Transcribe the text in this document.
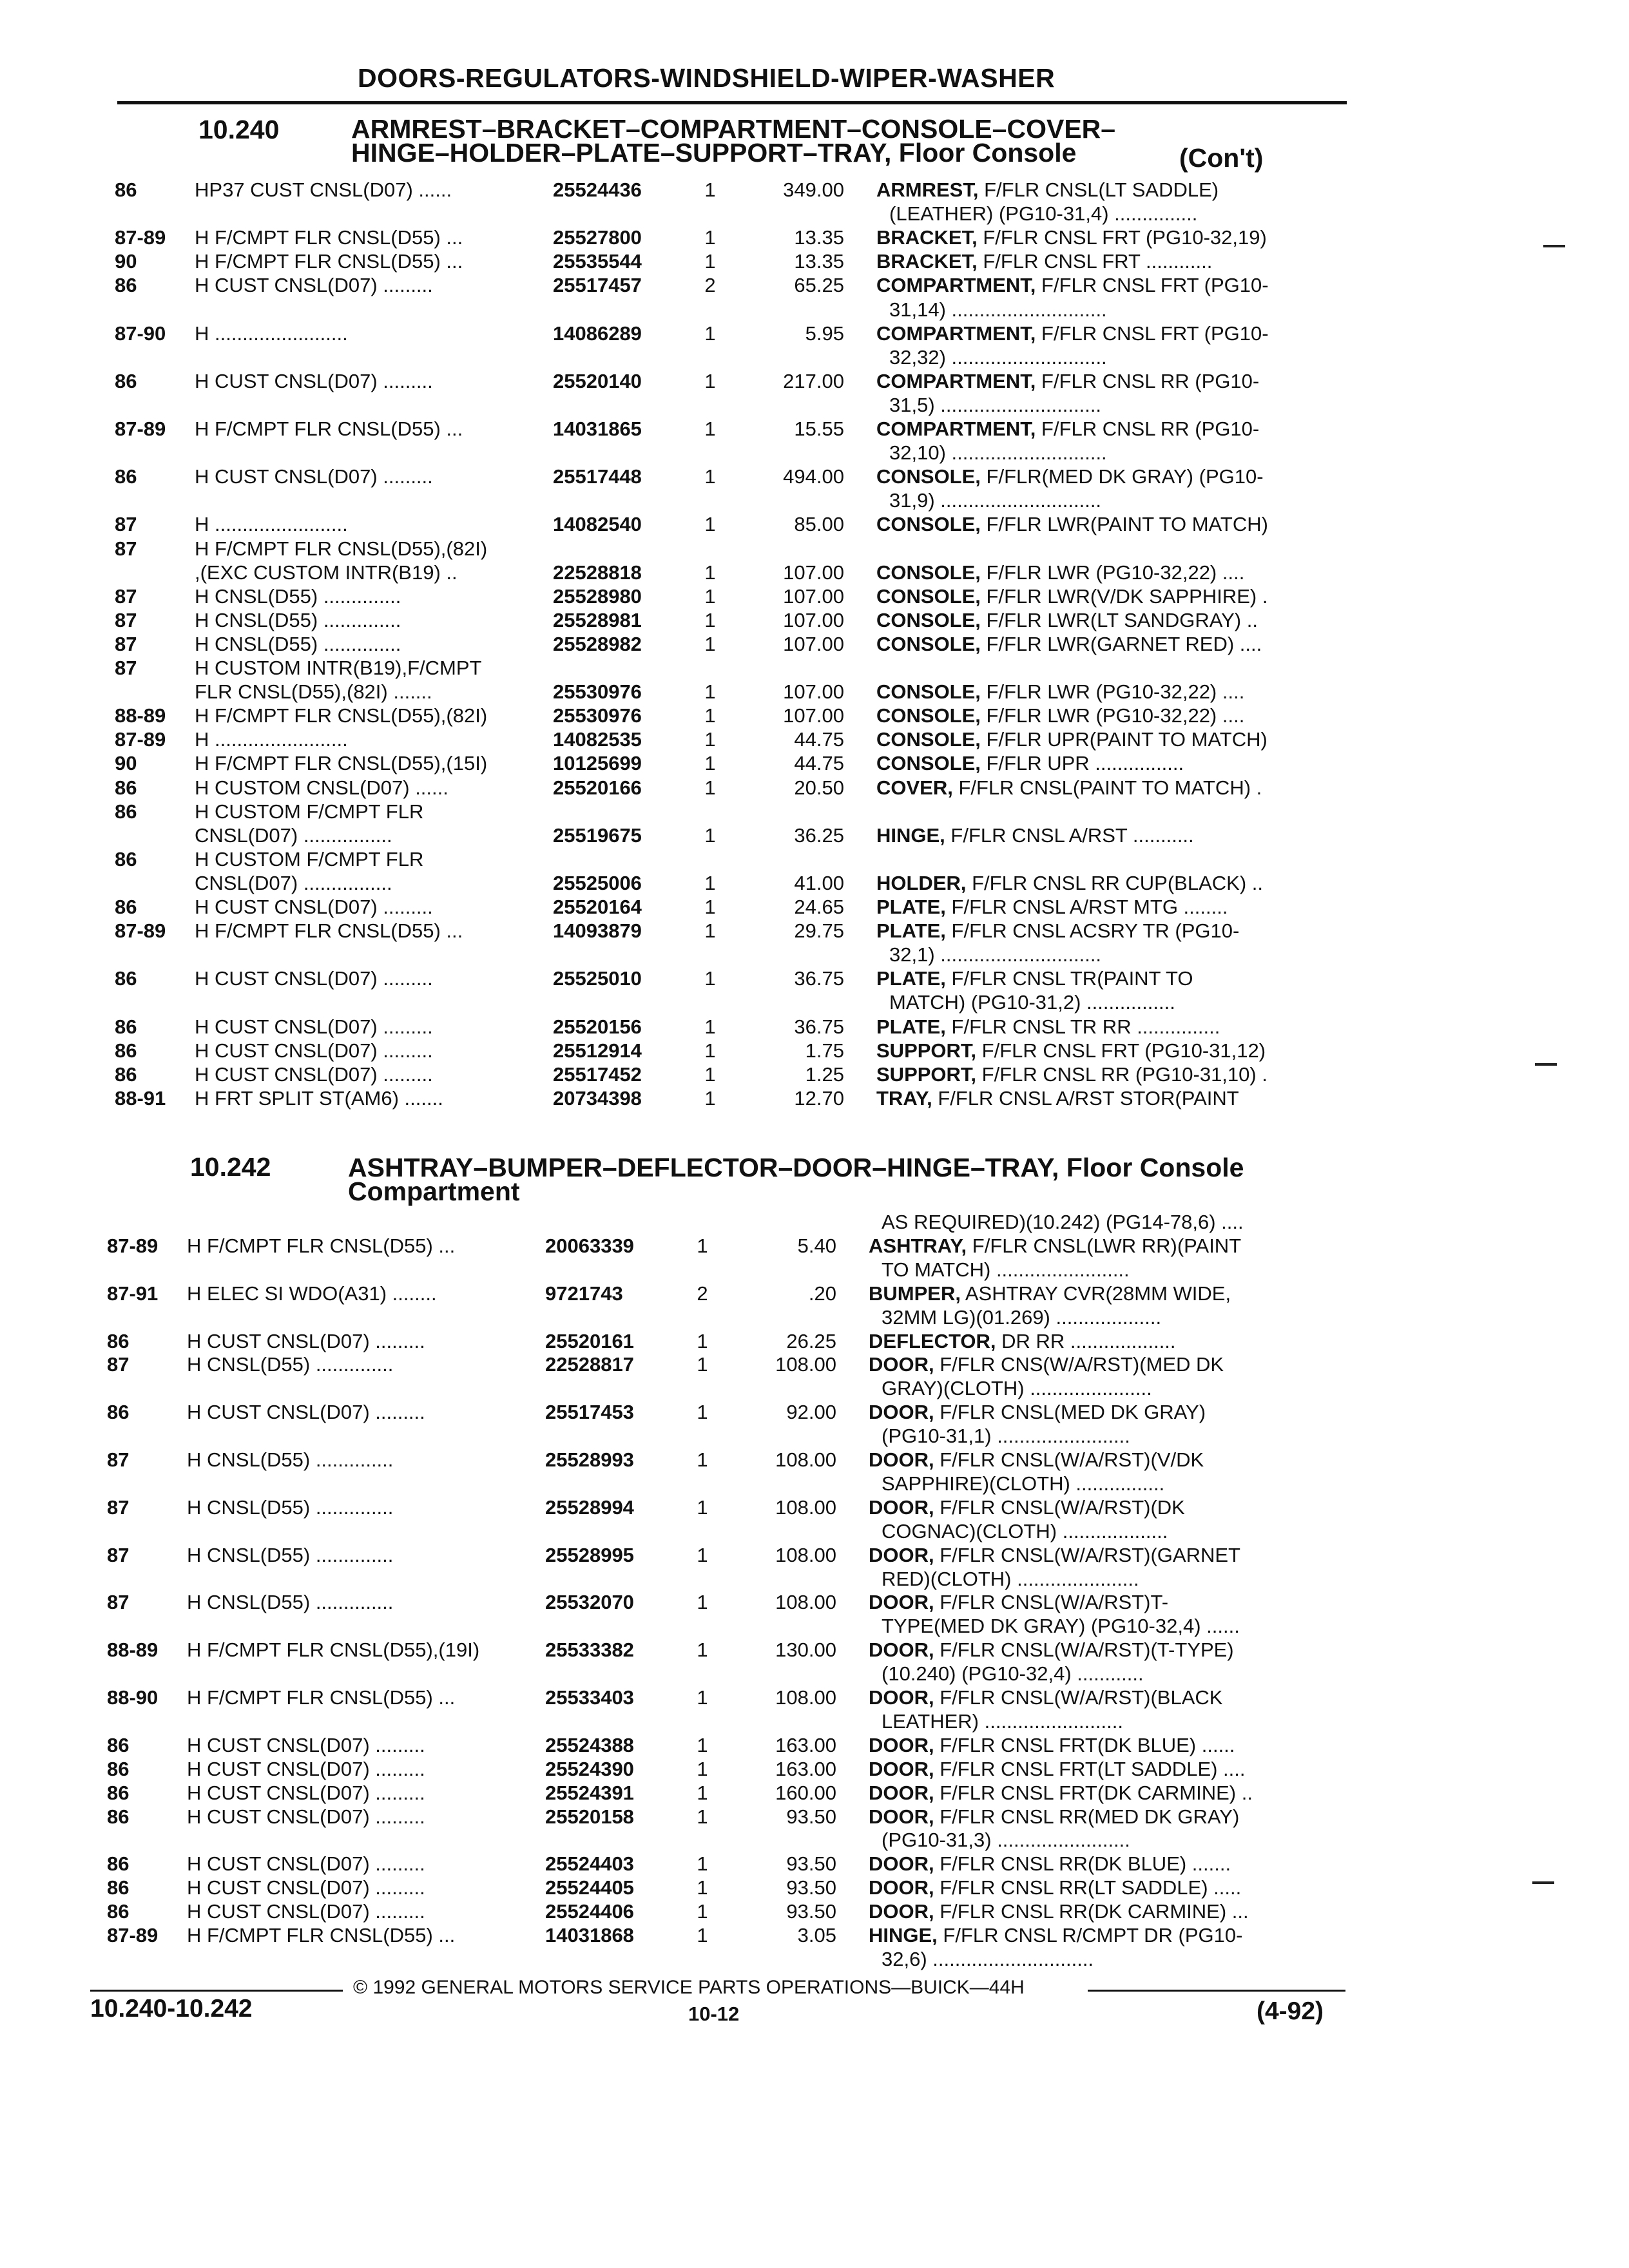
DOORS-REGULATORS-WINDSHIELD-WIPER-WASHER
10.240	ARMREST–BRACKET–COMPARTMENT–CONSOLE–COVER–
HINGE–HOLDER–PLATE–SUPPORT–TRAY, Floor Console	(Con't)
10.242	ASHTRAY–BUMPER–DEFLECTOR–DOOR–HINGE–TRAY, Floor Console
Compartment
86	HP37 CUST CNSL(D07) ......	25524436	1	349.00 ARMREST, F/FLR CNSL(LT SADDLE)
(LEATHER) (PG10-31,4) ...............
87-89 H F/CMPT FLR CNSL(D55) ...	25527800	1	13.35 BRACKET, F/FLR CNSL FRT (PG10-32,19)
90	H F/CMPT FLR CNSL(D55) ...	25535544	1	13.35 BRACKET, F/FLR CNSL FRT ............
86	H CUST CNSL(D07) .........	25517457	2	65.25 COMPARTMENT, F/FLR CNSL FRT (PG10-
31,14) ............................
87-90 H ........................	14086289	1	5.95 COMPARTMENT, F/FLR CNSL FRT (PG10-
32,32) ............................
86	H CUST CNSL(D07) .........	25520140	1	217.00 COMPARTMENT, F/FLR CNSL RR (PG10-
31,5) .............................
87-89 H F/CMPT FLR CNSL(D55) ...	14031865	1	15.55 COMPARTMENT, F/FLR CNSL RR (PG10-
32,10) ............................
86	H CUST CNSL(D07) .........	25517448	1	494.00 CONSOLE, F/FLR(MED DK GRAY) (PG10-
31,9) .............................
87	H ........................	14082540	1	85.00 CONSOLE, F/FLR LWR(PAINT TO MATCH)
87	H F/CMPT FLR CNSL(D55),(82I)
,(EXC CUSTOM INTR(B19) ..	22528818	1	107.00 CONSOLE, F/FLR LWR (PG10-32,22) ....
87	H CNSL(D55) ..............	25528980	1	107.00 CONSOLE, F/FLR LWR(V/DK SAPPHIRE) .
87	H CNSL(D55) ..............	25528981	1	107.00 CONSOLE, F/FLR LWR(LT SANDGRAY) ..
87	H CNSL(D55) ..............	25528982	1	107.00 CONSOLE, F/FLR LWR(GARNET RED) ....
87	H CUSTOM INTR(B19),F/CMPT
FLR CNSL(D55),(82I) .......	25530976	1	107.00 CONSOLE, F/FLR LWR (PG10-32,22) ....
88-89 H F/CMPT FLR CNSL(D55),(82I)	25530976	1	107.00 CONSOLE, F/FLR LWR (PG10-32,22) ....
87-89 H ........................	14082535	1	44.75 CONSOLE, F/FLR UPR(PAINT TO MATCH)
90	H F/CMPT FLR CNSL(D55),(15I)	10125699	1	44.75 CONSOLE, F/FLR UPR ................
86	H CUSTOM CNSL(D07) ......	25520166	1	20.50 COVER, F/FLR CNSL(PAINT TO MATCH) .
86	H CUSTOM F/CMPT FLR
CNSL(D07) ................	25519675	1	36.25 HINGE, F/FLR CNSL A/RST ...........
86	H CUSTOM F/CMPT FLR
CNSL(D07) ................	25525006	1	41.00 HOLDER, F/FLR CNSL RR CUP(BLACK) ..
86	H CUST CNSL(D07) .........	25520164	1	24.65 PLATE, F/FLR CNSL A/RST MTG ........
87-89 H F/CMPT FLR CNSL(D55) ...	14093879	1	29.75 PLATE, F/FLR CNSL ACSRY TR (PG10-
32,1) .............................
86	H CUST CNSL(D07) .........	25525010	1	36.75 PLATE, F/FLR CNSL TR(PAINT TO
MATCH) (PG10-31,2) ................
86	H CUST CNSL(D07) .........	25520156	1	36.75 PLATE, F/FLR CNSL TR RR ...............
86	H CUST CNSL(D07) .........	25512914	1	1.75 SUPPORT, F/FLR CNSL FRT (PG10-31,12)
86	H CUST CNSL(D07) .........	25517452	1	1.25 SUPPORT, F/FLR CNSL RR (PG10-31,10) .
88-91 H FRT SPLIT ST(AM6) .......	20734398	1	12.70 TRAY, F/FLR CNSL A/RST STOR(PAINT
AS REQUIRED)(10.242) (PG14-78,6) ....
87-89 H F/CMPT FLR CNSL(D55) ...	20063339	1	5.40 ASHTRAY, F/FLR CNSL(LWR RR)(PAINT
TO MATCH) ........................
87-91 H ELEC SI WDO(A31) ........	9721743	2	.20 BUMPER, ASHTRAY CVR(28MM WIDE,
32MM LG)(01.269) ...................
86	H CUST CNSL(D07) .........	25520161	1	26.25 DEFLECTOR, DR RR ...................
87	H CNSL(D55) ..............	22528817	1	108.00 DOOR, F/FLR CNS(W/A/RST)(MED DK
GRAY)(CLOTH) ......................
86	H CUST CNSL(D07) .........	25517453	1	92.00 DOOR, F/FLR CNSL(MED DK GRAY)
(PG10-31,1) ........................
87	H CNSL(D55) ..............	25528993	1	108.00 DOOR, F/FLR CNSL(W/A/RST)(V/DK
SAPPHIRE)(CLOTH) ................
87	H CNSL(D55) ..............	25528994	1	108.00 DOOR, F/FLR CNSL(W/A/RST)(DK
COGNAC)(CLOTH) ...................
87	H CNSL(D55) ..............	25528995	1	108.00 DOOR, F/FLR CNSL(W/A/RST)(GARNET
RED)(CLOTH) ......................
87	H CNSL(D55) ..............	25532070	1	108.00 DOOR, F/FLR CNSL(W/A/RST)T-
TYPE(MED DK GRAY) (PG10-32,4) ......
88-89 H F/CMPT FLR CNSL(D55),(19I)	25533382	1	130.00 DOOR, F/FLR CNSL(W/A/RST)(T-TYPE)
(10.240) (PG10-32,4) ............
88-90 H F/CMPT FLR CNSL(D55) ...	25533403	1	108.00 DOOR, F/FLR CNSL(W/A/RST)(BLACK
LEATHER) .........................
86	H CUST CNSL(D07) .........	25524388	1	163.00 DOOR, F/FLR CNSL FRT(DK BLUE) ......
86	H CUST CNSL(D07) .........	25524390	1	163.00 DOOR, F/FLR CNSL FRT(LT SADDLE) ....
86	H CUST CNSL(D07) .........	25524391	1	160.00 DOOR, F/FLR CNSL FRT(DK CARMINE) ..
86	H CUST CNSL(D07) .........	25520158	1	93.50 DOOR, F/FLR CNSL RR(MED DK GRAY)
(PG10-31,3) ........................
86	H CUST CNSL(D07) .........	25524403	1	93.50 DOOR, F/FLR CNSL RR(DK BLUE) .......
86	H CUST CNSL(D07) .........	25524405	1	93.50 DOOR, F/FLR CNSL RR(LT SADDLE) .....
86	H CUST CNSL(D07) .........	25524406	1	93.50 DOOR, F/FLR CNSL RR(DK CARMINE) ...
87-89 H F/CMPT FLR CNSL(D55) ...	14031868	1	3.05 HINGE, F/FLR CNSL R/CMPT DR (PG10-
32,6) .............................
© 1992 GENERAL MOTORS SERVICE PARTS OPERATIONS—BUICK—44H
10.240-10.242	10-12	(4-92)
